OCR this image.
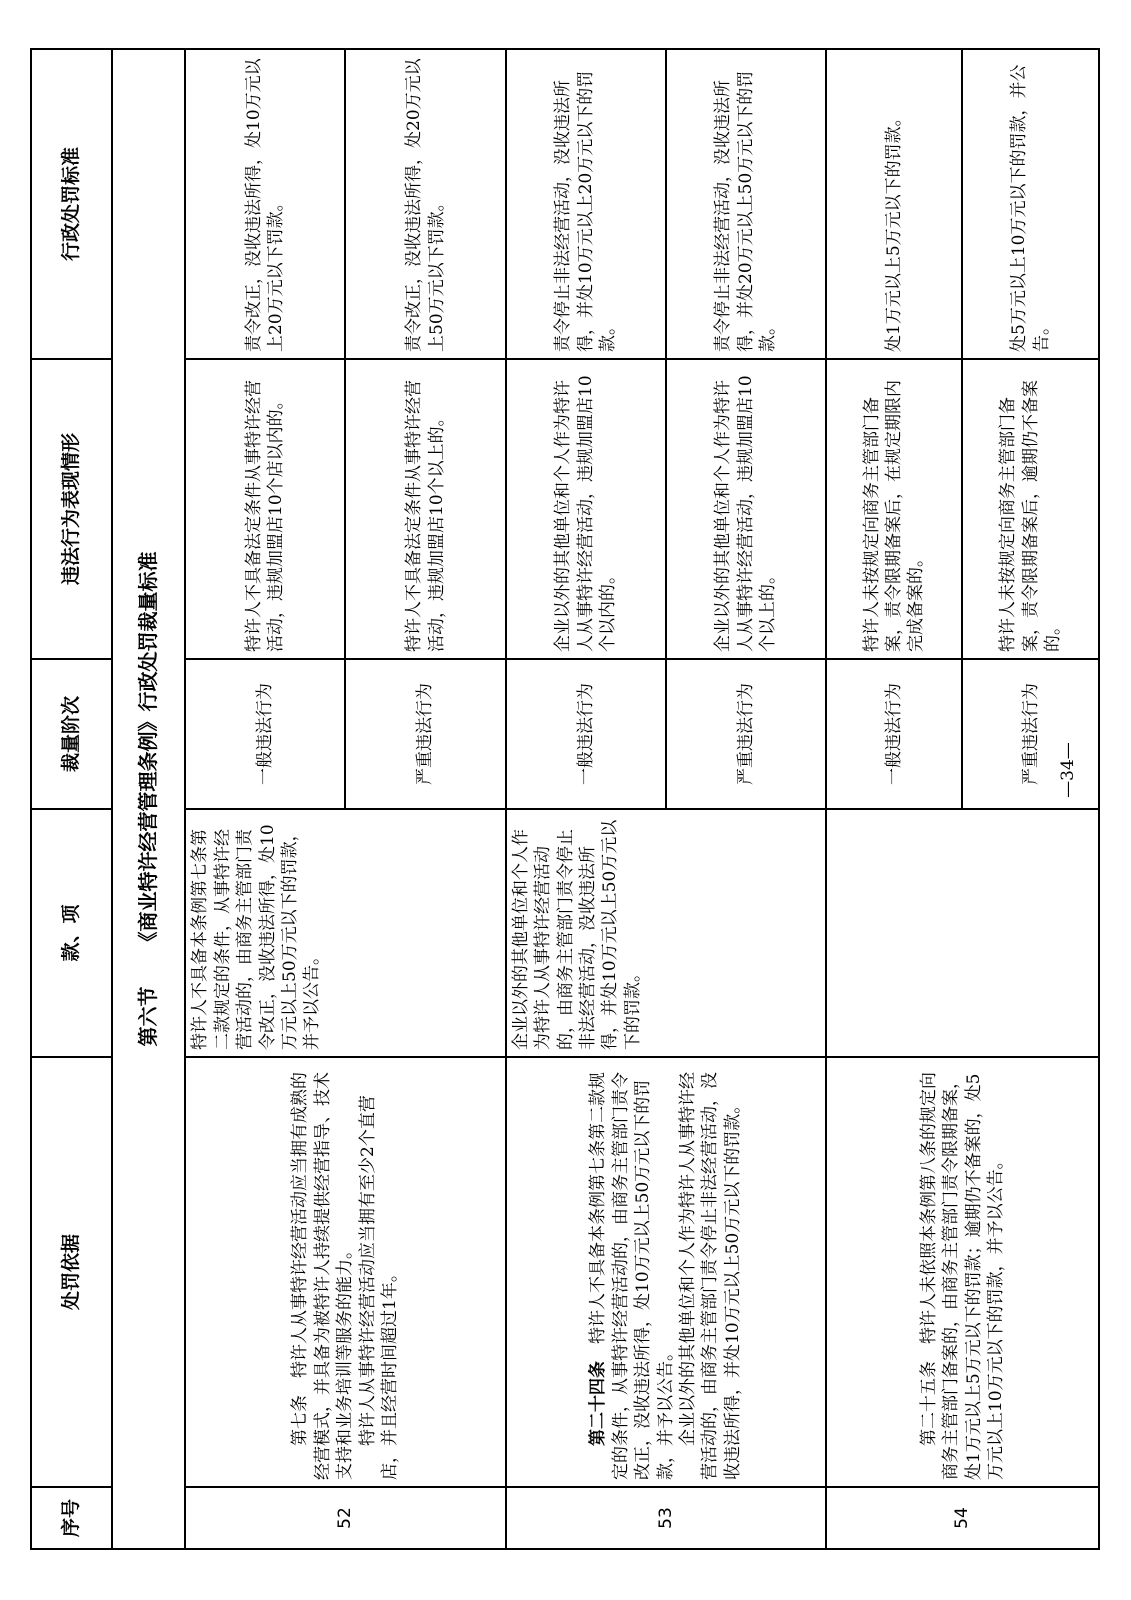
序号	处罚依据	款、项	裁量阶次	违法行为表现情形	行政处罚标准
第六节 《商业特许经营管理条例》行政处罚裁量标准					
52	第七条　特许人从事特许经营活动应当拥有成熟的经营模式，并具备为被特许人持续提供经营指导、技术支持和业务培训等服务的能力。 特许人从事特许经营活动应当拥有至少2个直营店，并且经营时间超过1年。	特许人不具备本条例第七条第二款规定的条件，从事特许经营活动的，由商务主管部门责令改正，没收违法所得，处10万元以上50万元以下的罚款，并予以公告。	一般违法行为	特许人不具备法定条件从事特许经营活动，违规加盟店10个店以内的。	责令改正，没收违法所得，处10万元以上20万元以下罚款。
			严重违法行为	特许人不具备法定条件从事特许经营活动，违规加盟店10个以上的。	责令改正，没收违法所得，处20万元以上50万元以下罚款。
53	第二十四条　特许人不具备本条例第七条第二款规定的条件，从事特许经营活动的，由商务主管部门责令改正，没收违法所得，处10万元以上50万元以下的罚款，并予以公告。 企业以外的其他单位和个人作为特许人从事特许经营活动的，由商务主管部门责令停止非法经营活动，没收违法所得，并处10万元以上50万元以下的罚款。	企业以外的其他单位和个人作为特许人从事特许经营活动的，由商务主管部门责令停止非法经营活动，没收违法所得，并处10万元以上50万元以下的罚款。	一般违法行为	企业以外的其他单位和个人作为特许人从事特许经营活动，违规加盟店10个以内的。	责令停止非法经营活动，没收违法所得，并处10万元以上20万元以下的罚款。
			严重违法行为	企业以外的其他单位和个人作为特许人从事特许经营活动，违规加盟店10个以上的。	责令停止非法经营活动，没收违法所得，并处20万元以上50万元以下的罚款。
54	第二十五条　特许人未依照本条例第八条的规定向商务主管部门备案的，由商务主管部门责令限期备案，处1万元以上5万元以下的罚款；逾期仍不备案的，处5万元以上10万元以下的罚款，并予以公告。		一般违法行为	特许人未按规定向商务主管部门备案，责令限期备案后，在规定期限内完成备案的。	处1万元以上5万元以下的罚款。
			严重违法行为	特许人未按规定向商务主管部门备案，责令限期备案后，逾期仍不备案的。	处5万元以上10万元以下的罚款，并公告。
—34—
